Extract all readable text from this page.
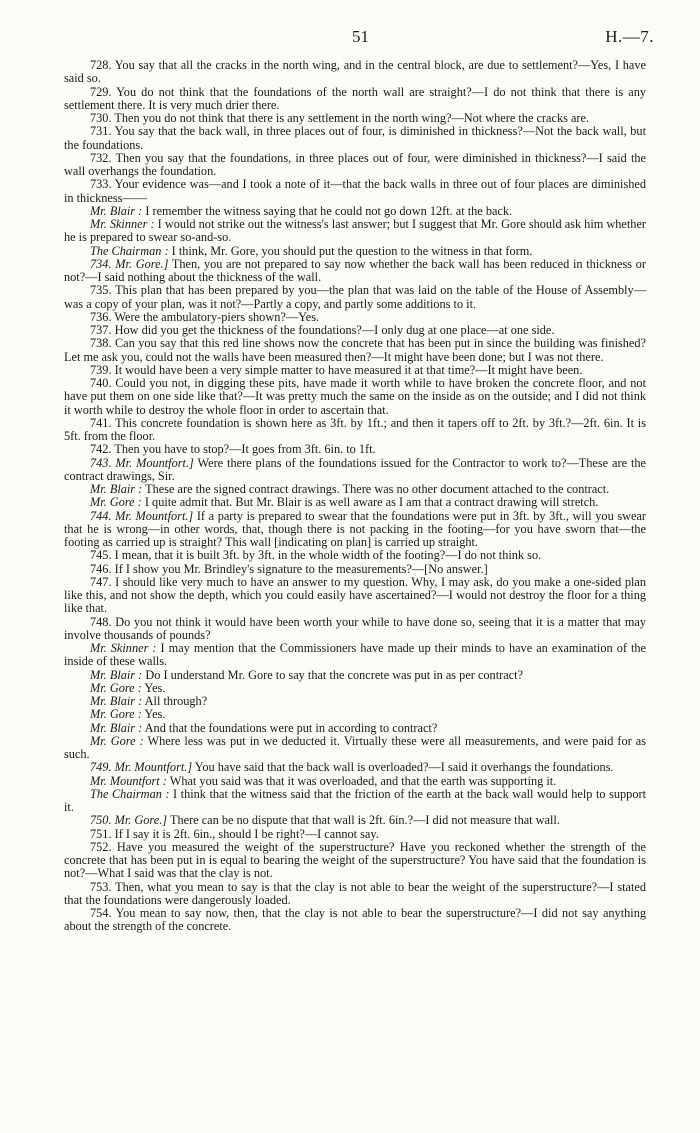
51	H.—7.

728. You say that all the cracks in the north wing, and in the central block, are due to settlement?—Yes, I have said so.

729. You do not think that the foundations of the north wall are straight?—I do not think that there is any settlement there. It is very much drier there.

730. Then you do not think that there is any settlement in the north wing?—Not where the cracks are.

731. You say that the back wall, in three places out of four, is diminished in thickness?—Not the back wall, but the foundations.

732. Then you say that the foundations, in three places out of four, were diminished in thickness?—I said the wall overhangs the foundation.

733. Your evidence was—and I took a note of it—that the back walls in three out of four places are diminished in thickness——

Mr. Blair : I remember the witness saying that he could not go down 12ft. at the back.

Mr. Skinner : I would not strike out the witness's last answer; but I suggest that Mr. Gore should ask him whether he is prepared to swear so-and-so.

The Chairman : I think, Mr. Gore, you should put the question to the witness in that form.

734. Mr. Gore.] Then, you are not prepared to say now whether the back wall has been reduced in thickness or not?—I said nothing about the thickness of the wall.

735. This plan that has been prepared by you—the plan that was laid on the table of the House of Assembly—was a copy of your plan, was it not?—Partly a copy, and partly some additions to it.

736. Were the ambulatory-piers shown?—Yes.

737. How did you get the thickness of the foundations?—I only dug at one place—at one side.

738. Can you say that this red line shows now the concrete that has been put in since the building was finished? Let me ask you, could not the walls have been measured then?—It might have been done; but I was not there.

739. It would have been a very simple matter to have measured it at that time?—It might have been.

740. Could you not, in digging these pits, have made it worth while to have broken the concrete floor, and not have put them on one side like that?—It was pretty much the same on the inside as on the outside; and I did not think it worth while to destroy the whole floor in order to ascertain that.

741. This concrete foundation is shown here as 3ft. by 1ft.; and then it tapers off to 2ft. by 3ft.?—2ft. 6in. It is 5ft. from the floor.

742. Then you have to stop?—It goes from 3ft. 6in. to 1ft.

743. Mr. Mountfort.] Were there plans of the foundations issued for the Contractor to work to?—These are the contract drawings, Sir.

Mr. Blair : These are the signed contract drawings. There was no other document attached to the contract.

Mr. Gore : I quite admit that. But Mr. Blair is as well aware as I am that a contract drawing will stretch.

744. Mr. Mountfort.] If a party is prepared to swear that the foundations were put in 3ft. by 3ft., will you swear that he is wrong—in other words, that, though there is not packing in the footing—for you have sworn that—the footing as carried up is straight? This wall [indicating on plan] is carried up straight.

745. I mean, that it is built 3ft. by 3ft. in the whole width of the footing?—I do not think so.

746. If I show you Mr. Brindley's signature to the measurements?—[No answer.]

747. I should like very much to have an answer to my question. Why, I may ask, do you make a one-sided plan like this, and not show the depth, which you could easily have ascertained?—I would not destroy the floor for a thing like that.

748. Do you not think it would have been worth your while to have done so, seeing that it is a matter that may involve thousands of pounds?

Mr. Skinner : I may mention that the Commissioners have made up their minds to have an examination of the inside of these walls.

Mr. Blair : Do I understand Mr. Gore to say that the concrete was put in as per contract?

Mr. Gore : Yes.

Mr. Blair : All through?

Mr. Gore : Yes.

Mr. Blair : And that the foundations were put in according to contract?

Mr. Gore : Where less was put in we deducted it. Virtually these were all measurements, and were paid for as such.

749. Mr. Mountfort.] You have said that the back wall is overloaded?—I said it overhangs the foundations.

Mr. Mountfort : What you said was that it was overloaded, and that the earth was supporting it.

The Chairman : I think that the witness said that the friction of the earth at the back wall would help to support it.

750. Mr. Gore.] There can be no dispute that that wall is 2ft. 6in.?—I did not measure that wall.

751. If I say it is 2ft. 6in., should I be right?—I cannot say.

752. Have you measured the weight of the superstructure? Have you reckoned whether the strength of the concrete that has been put in is equal to bearing the weight of the superstructure? You have said that the foundation is not?—What I said was that the clay is not.

753. Then, what you mean to say is that the clay is not able to bear the weight of the superstructure?—I stated that the foundations were dangerously loaded.

754. You mean to say now, then, that the clay is not able to bear the superstructure?—I did not say anything about the strength of the concrete.
